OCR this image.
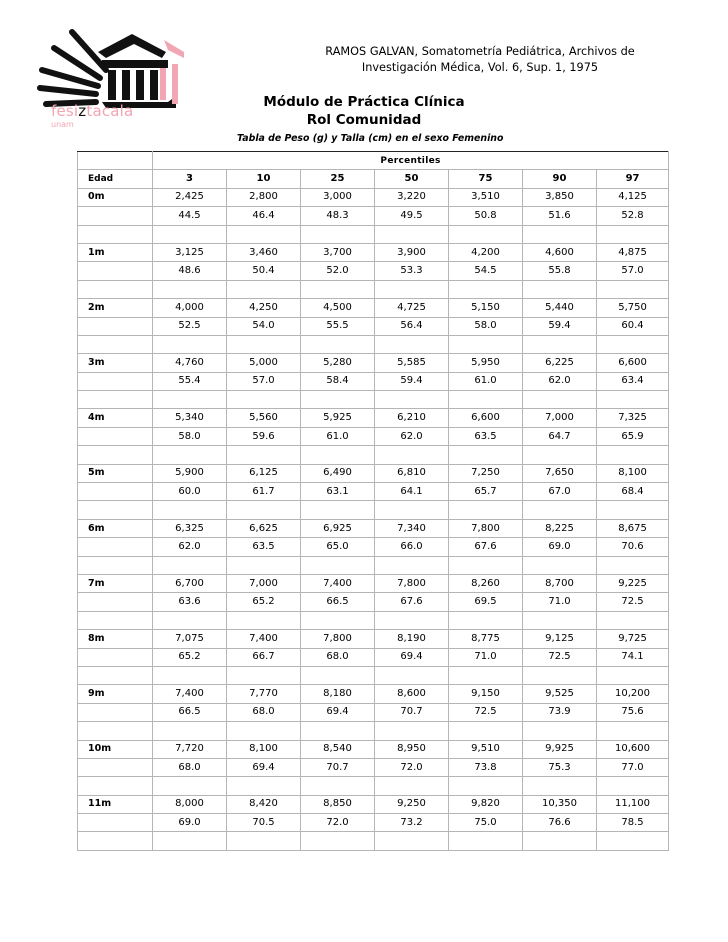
fesiztacala
unam
RAMOS GALVAN, Somatometría Pediátrica, Archivos de
Investigación Médica, Vol. 6, Sup. 1, 1975
Módulo de Práctica Clínica
Rol Comunidad
Tabla de Peso (g) y Talla (cm) en el sexo Femenino
	Percentiles						
Edad	3	10	25	50	75	90	97
0m	2,425	2,800	3,000	3,220	3,510	3,850	4,125
	44.5	46.4	48.3	49.5	50.8	51.6	52.8

1m	3,125	3,460	3,700	3,900	4,200	4,600	4,875
	48.6	50.4	52.0	53.3	54.5	55.8	57.0

2m	4,000	4,250	4,500	4,725	5,150	5,440	5,750
	52.5	54.0	55.5	56.4	58.0	59.4	60.4

3m	4,760	5,000	5,280	5,585	5,950	6,225	6,600
	55.4	57.0	58.4	59.4	61.0	62.0	63.4

4m	5,340	5,560	5,925	6,210	6,600	7,000	7,325
	58.0	59.6	61.0	62.0	63.5	64.7	65.9

5m	5,900	6,125	6,490	6,810	7,250	7,650	8,100
	60.0	61.7	63.1	64.1	65.7	67.0	68.4

6m	6,325	6,625	6,925	7,340	7,800	8,225	8,675
	62.0	63.5	65.0	66.0	67.6	69.0	70.6

7m	6,700	7,000	7,400	7,800	8,260	8,700	9,225
	63.6	65.2	66.5	67.6	69.5	71.0	72.5

8m	7,075	7,400	7,800	8,190	8,775	9,125	9,725
	65.2	66.7	68.0	69.4	71.0	72.5	74.1

9m	7,400	7,770	8,180	8,600	9,150	9,525	10,200
	66.5	68.0	69.4	70.7	72.5	73.9	75.6

10m	7,720	8,100	8,540	8,950	9,510	9,925	10,600
	68.0	69.4	70.7	72.0	73.8	75.3	77.0

11m	8,000	8,420	8,850	9,250	9,820	10,350	11,100
	69.0	70.5	72.0	73.2	75.0	76.6	78.5
